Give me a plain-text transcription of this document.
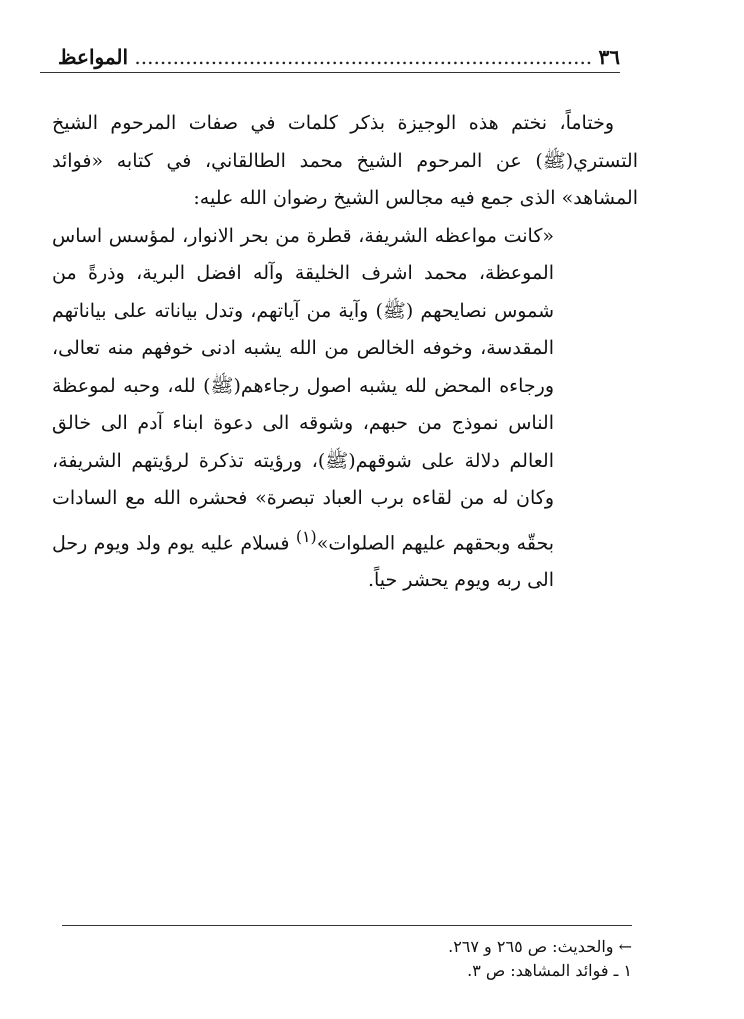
٣٦ ........................................................................ المواعظ

وختاماً، نختم هذه الوجيزة بذكر كلمات في صفات المرحوم الشيخ التستري(ﷺ) عن المرحوم الشيخ محمد الطالقاني، في كتابه «فوائد المشاهد» الذى جمع فيه مجالس الشيخ رضوان الله عليه:

«كانت مواعظه الشريفة، قطرة من بحر الانوار، لمؤسس اساس الموعظة، محمد اشرف الخليقة وآله افضل البرية، وذرةً من شموس نصايحهم (ﷺ) وآية من آياتهم، وتدل بياناته على بياناتهم المقدسة، وخوفه الخالص من الله يشبه ادنى خوفهم منه تعالى، ورجاءه المحض لله يشبه اصول رجاءهم(ﷺ) لله، وحبه لموعظة الناس نموذج من حبهم، وشوقه الى دعوة ابناء آدم الى خالق العالم دلالة على شوقهم(ﷺ)، ورؤيته تذكرة لرؤيتهم الشريفة، وكان له من لقاءه برب العباد تبصرة» فحشره الله مع السادات بحقّه وبحقهم عليهم الصلوات»$^{(١)}$ فسلام عليه يوم ولد ويوم رحل الى ربه ويوم يحشر حياً.

← والحديث: ص ٢٦٥ و ٢٦٧.
١ ـ فوائد المشاهد: ص ٣.
